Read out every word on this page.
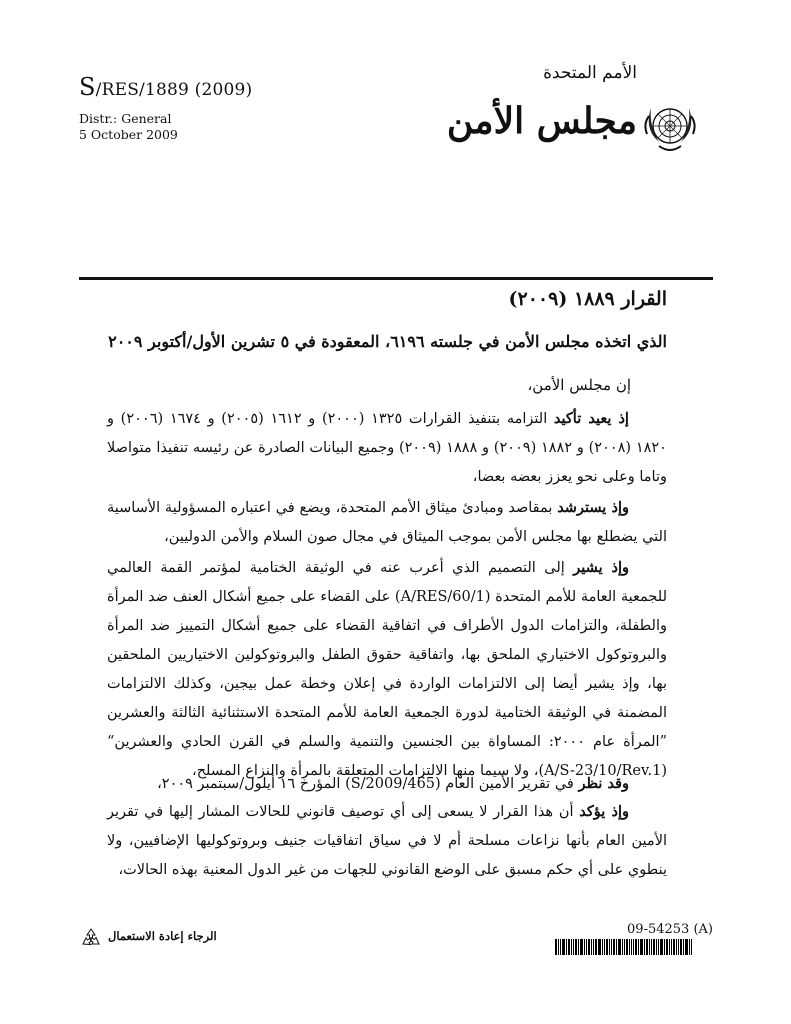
S/RES/1889 (2009)
Distr.: General
5 October 2009
الأمم المتحدة
مجلس الأمن
القرار ١٨٨٩ (٢٠٠٩)
الذي اتخذه مجلس الأمن في جلسته ٦١٩٦، المعقودة في ٥ تشرين الأول/أكتوبر ٢٠٠٩
إن مجلس الأمن،
إذ يعيد تأكيد التزامه بتنفيذ القرارات ١٣٢٥ (٢٠٠٠) و ١٦١٢ (٢٠٠٥) و ١٦٧٤ (٢٠٠٦) و ١٨٢٠ (٢٠٠٨) و ١٨٨٢ (٢٠٠٩) و ١٨٨٨ (٢٠٠٩) وجميع البيانات الصادرة عن رئيسه تنفيذا متواصلا وتاما وعلى نحو يعزز بعضه بعضا،
وإذ يسترشد بمقاصد ومبادئ ميثاق الأمم المتحدة، ويضع في اعتباره المسؤولية الأساسية التي يضطلع بها مجلس الأمن بموجب الميثاق في مجال صون السلام والأمن الدوليين،
وإذ يشير إلى التصميم الذي أعرب عنه في الوثيقة الختامية لمؤتمر القمة العالمي للجمعية العامة للأمم المتحدة (A/RES/60/1) على القضاء على جميع أشكال العنف ضد المرأة والطفلة، والتزامات الدول الأطراف في اتفاقية القضاء على جميع أشكال التمييز ضد المرأة والبروتوكول الاختياري الملحق بها، واتفاقية حقوق الطفل والبروتوكولين الاختياريين الملحقين بها، وإذ يشير أيضا إلى الالتزامات الواردة في إعلان وخطة عمل بيجين، وكذلك الالتزامات المضمنة في الوثيقة الختامية لدورة الجمعية العامة للأمم المتحدة الاستثنائية الثالثة والعشرين ”المرأة عام ٢٠٠٠: المساواة بين الجنسين والتنمية والسلم في القرن الحادي والعشرين“ (A/S-23/10/Rev.1)، ولا سيما منها الالتزامات المتعلقة بالمرأة والنزاع المسلح،
وقد نظر في تقرير الأمين العام (S/2009/465) المؤرخ ١٦ أيلول/سبتمبر ٢٠٠٩،
وإذ يؤكد أن هذا القرار لا يسعى إلى أي توصيف قانوني للحالات المشار إليها في تقرير الأمين العام بأنها نزاعات مسلحة أم لا في سياق اتفاقيات جنيف وبروتوكوليها الإضافيين، ولا ينطوي على أي حكم مسبق على الوضع القانوني للجهات من غير الدول المعنية بهذه الحالات،
الرجاء إعادة الاستعمال	09-54253 (A)
